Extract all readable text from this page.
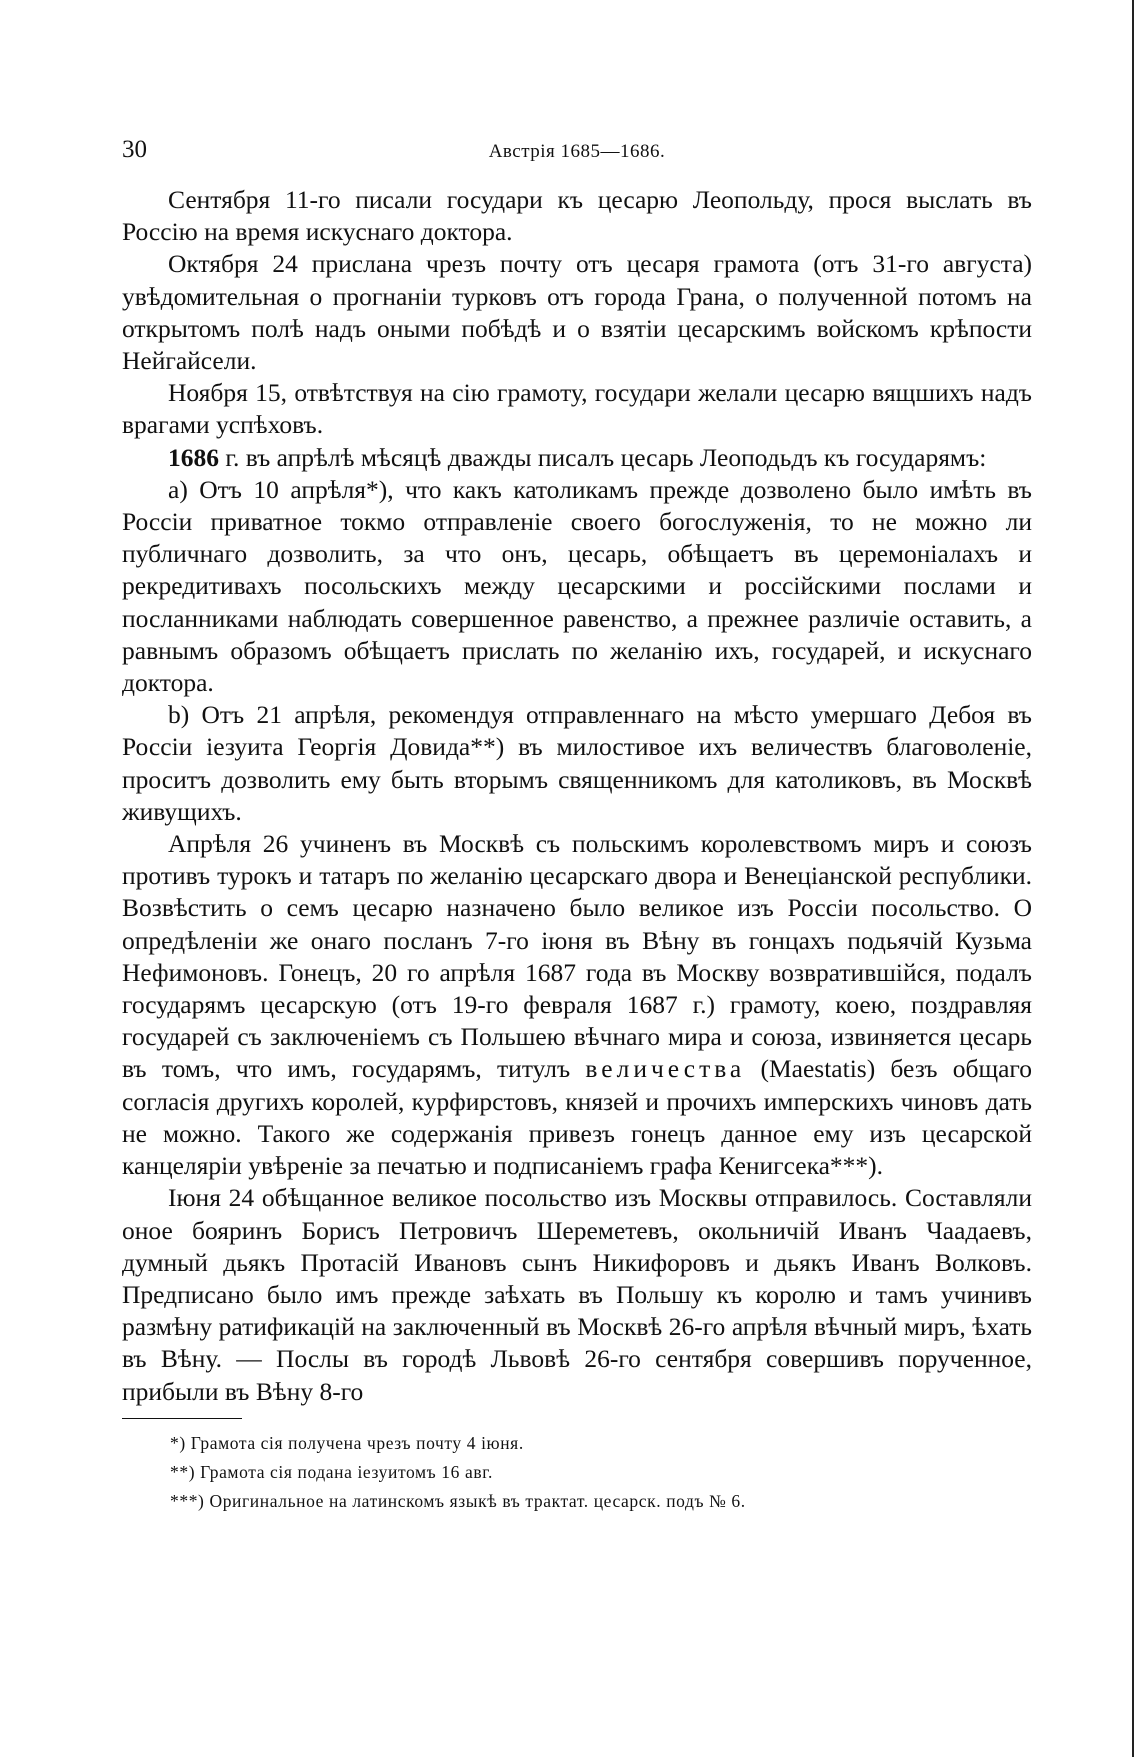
30	Австрія 1685—1686.

Сентября 11-го писали государи къ цесарю Леопольду, прося выслать въ Россію на время искуснаго доктора.

Октября 24 прислана чрезъ почту отъ цесаря грамота (отъ 31-го августа) увѣдомительная о прогнаніи турковъ отъ города Грана, о полученной потомъ на открытомъ полѣ надъ оными побѣдѣ и о взятіи цесарскимъ войскомъ крѣпости Нейгайсели.

Ноября 15, отвѣтствуя на сію грамоту, государи желали цесарю вящшихъ надъ врагами успѣховъ.

1686 г. въ апрѣлѣ мѣсяцѣ дважды писалъ цесарь Леоподьдъ къ государямъ:

a) Отъ 10 апрѣля*), что какъ католикамъ прежде дозволено было имѣть въ Россіи приватное токмо отправленіе своего богослуженія, то не можно ли публичнаго дозволить, за что онъ, цесарь, обѣщаетъ въ церемоніалахъ и рекредитивахъ посольскихъ между цесарскими и россійскими послами и посланниками наблюдать совершенное равенство, а прежнее различіе оставить, а равнымъ образомъ обѣщаетъ прислать по желанію ихъ, государей, и искуснаго доктора.

b) Отъ 21 апрѣля, рекомендуя отправленнаго на мѣсто умершаго Дебоя въ Россіи іезуита Георгія Довида**) въ милостивое ихъ величествъ благоволеніе, проситъ дозволить ему быть вторымъ священникомъ для католиковъ, въ Москвѣ живущихъ.

Апрѣля 26 учиненъ въ Москвѣ съ польскимъ королевствомъ миръ и союзъ противъ турокъ и татаръ по желанію цесарскаго двора и Венеціанской республики. Возвѣстить о семъ цесарю назначено было великое изъ Россіи посольство. О опредѣленіи же онаго посланъ 7-го іюня въ Вѣну въ гонцахъ подьячій Кузьма Нефимоновъ. Гонецъ, 20 го апрѣля 1687 года въ Москву возвратившійся, подалъ государямъ цесарскую (отъ 19-го февраля 1687 г.) грамоту, коею, поздравляя государей съ заключеніемъ съ Польшею вѣчнаго мира и союза, извиняется цесарь въ томъ, что имъ, государямъ, титулъ величества (Maestatis) безъ общаго согласія другихъ королей, курфирстовъ, князей и прочихъ имперскихъ чиновъ дать не можно. Такого же содержанія привезъ гонецъ данное ему изъ цесарской канцеляріи увѣреніе за печатью и подписаніемъ графа Кенигсека***).

Іюня 24 обѣщанное великое посольство изъ Москвы отправилось. Составляли оное бояринъ Борисъ Петровичъ Шереметевъ, окольничій Иванъ Чаадаевъ, думный дьякъ Протасій Ивановъ сынъ Никифоровъ и дьякъ Иванъ Волковъ. Предписано было имъ прежде заѣхать въ Польшу къ королю и тамъ учинивъ размѣну ратификацій на заключенный въ Москвѣ 26-го апрѣля вѣчный миръ, ѣхать въ Вѣну. — Послы въ городѣ Львовѣ 26-го сентября совершивъ порученное, прибыли въ Вѣну 8-го

*) Грамота сія получена чрезъ почту 4 іюня.

**) Грамота сія подана іезуитомъ 16 авг.

***) Оригинальное на латинскомъ языкѣ въ трактат. цесарск. подъ № 6.
